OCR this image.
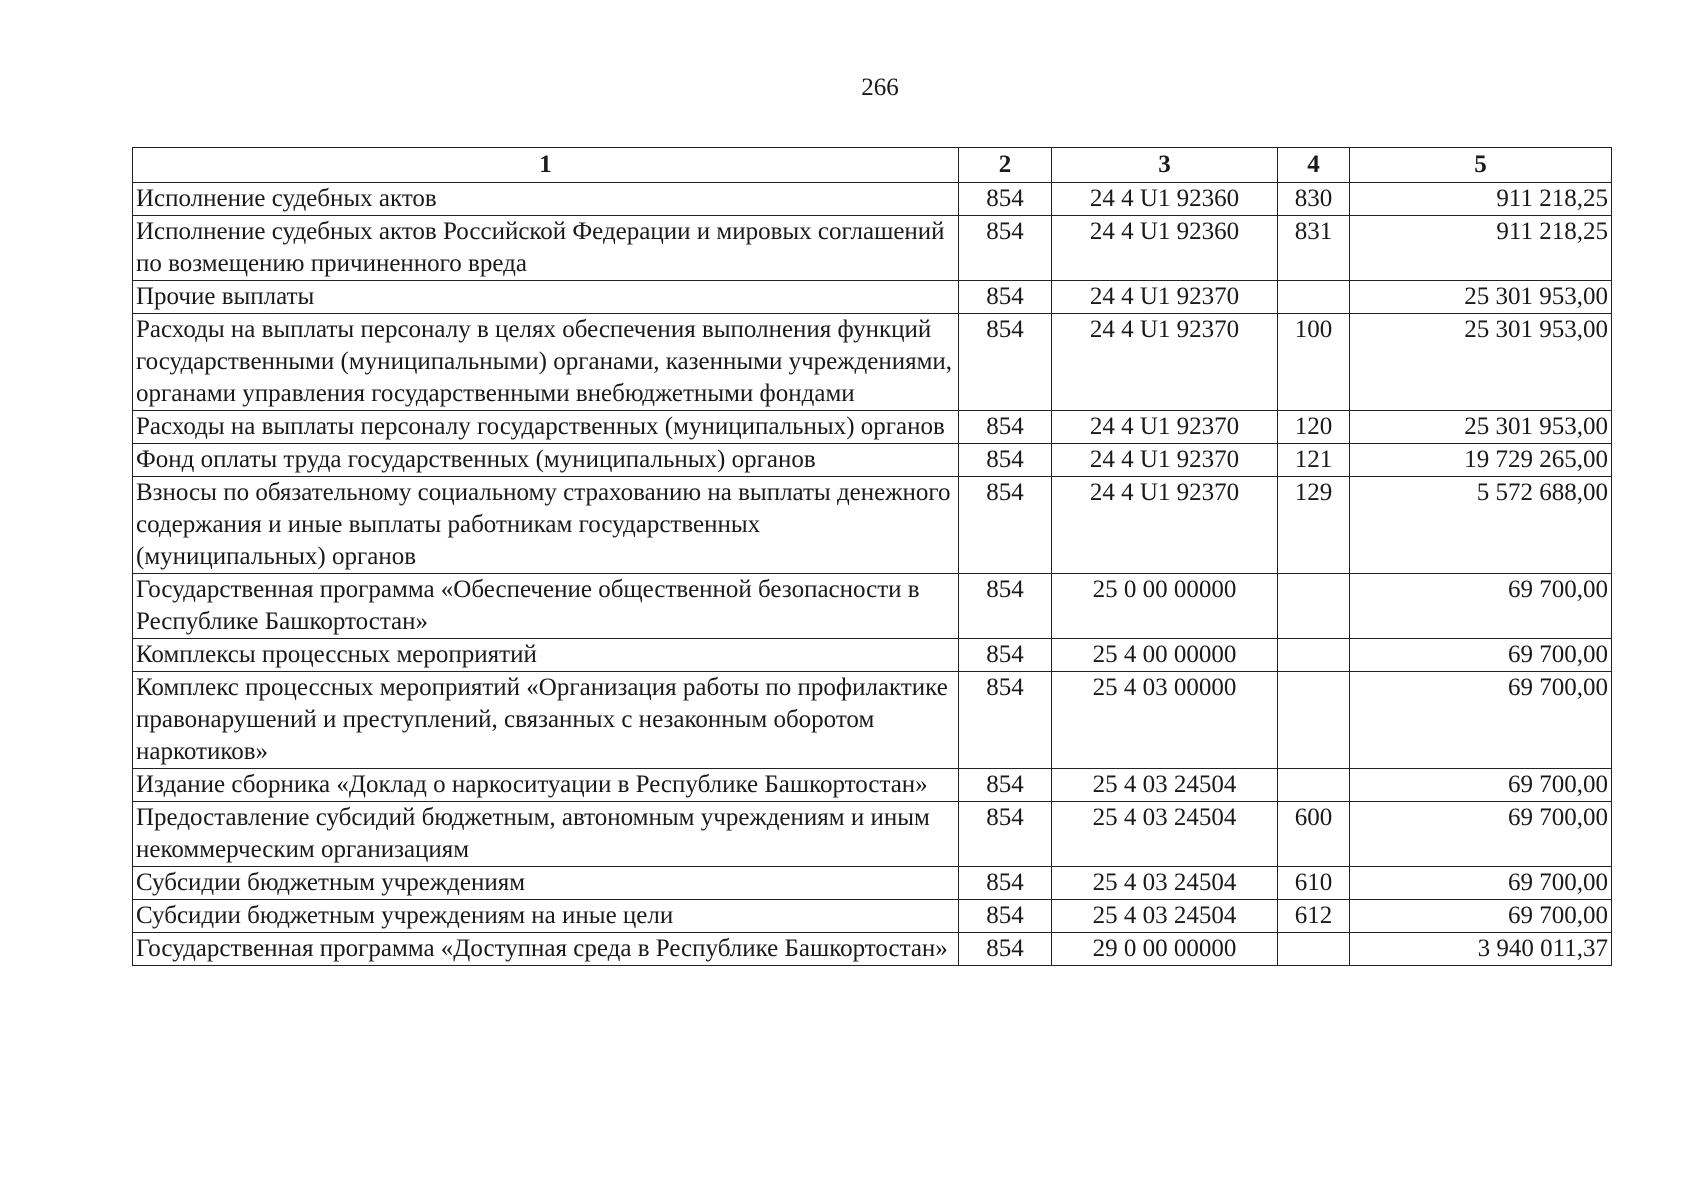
266
1	2	3	4	5
Исполнение судебных актов	854	24 4 U1 92360	830	911 218,25
Исполнение судебных актов Российской Федерации и мировых соглашений по возмещению причиненного вреда	854	24 4 U1 92360	831	911 218,25
Прочие выплаты	854	24 4 U1 92370		25 301 953,00
Расходы на выплаты персоналу в целях обеспечения выполнения функций государственными (муниципальными) органами, казенными учреждениями, органами управления государственными внебюджетными фондами	854	24 4 U1 92370	100	25 301 953,00
Расходы на выплаты персоналу государственных (муниципальных) органов	854	24 4 U1 92370	120	25 301 953,00
Фонд оплаты труда государственных (муниципальных) органов	854	24 4 U1 92370	121	19 729 265,00
Взносы по обязательному социальному страхованию на выплаты денежного содержания и иные выплаты работникам государственных (муниципальных) органов	854	24 4 U1 92370	129	5 572 688,00
Государственная программа «Обеспечение общественной безопасности в Республике Башкортостан»	854	25 0 00 00000		69 700,00
Комплексы процессных мероприятий	854	25 4 00 00000		69 700,00
Комплекс процессных мероприятий «Организация работы по профилактике правонарушений и преступлений, связанных с незаконным оборотом наркотиков»	854	25 4 03 00000		69 700,00
Издание сборника «Доклад о наркоситуации в Республике Башкортостан»	854	25 4 03 24504		69 700,00
Предоставление субсидий бюджетным, автономным учреждениям и иным некоммерческим организациям	854	25 4 03 24504	600	69 700,00
Субсидии бюджетным учреждениям	854	25 4 03 24504	610	69 700,00
Субсидии бюджетным учреждениям на иные цели	854	25 4 03 24504	612	69 700,00
Государственная программа «Доступная среда в Республике Башкортостан»	854	29 0 00 00000		3 940 011,37
